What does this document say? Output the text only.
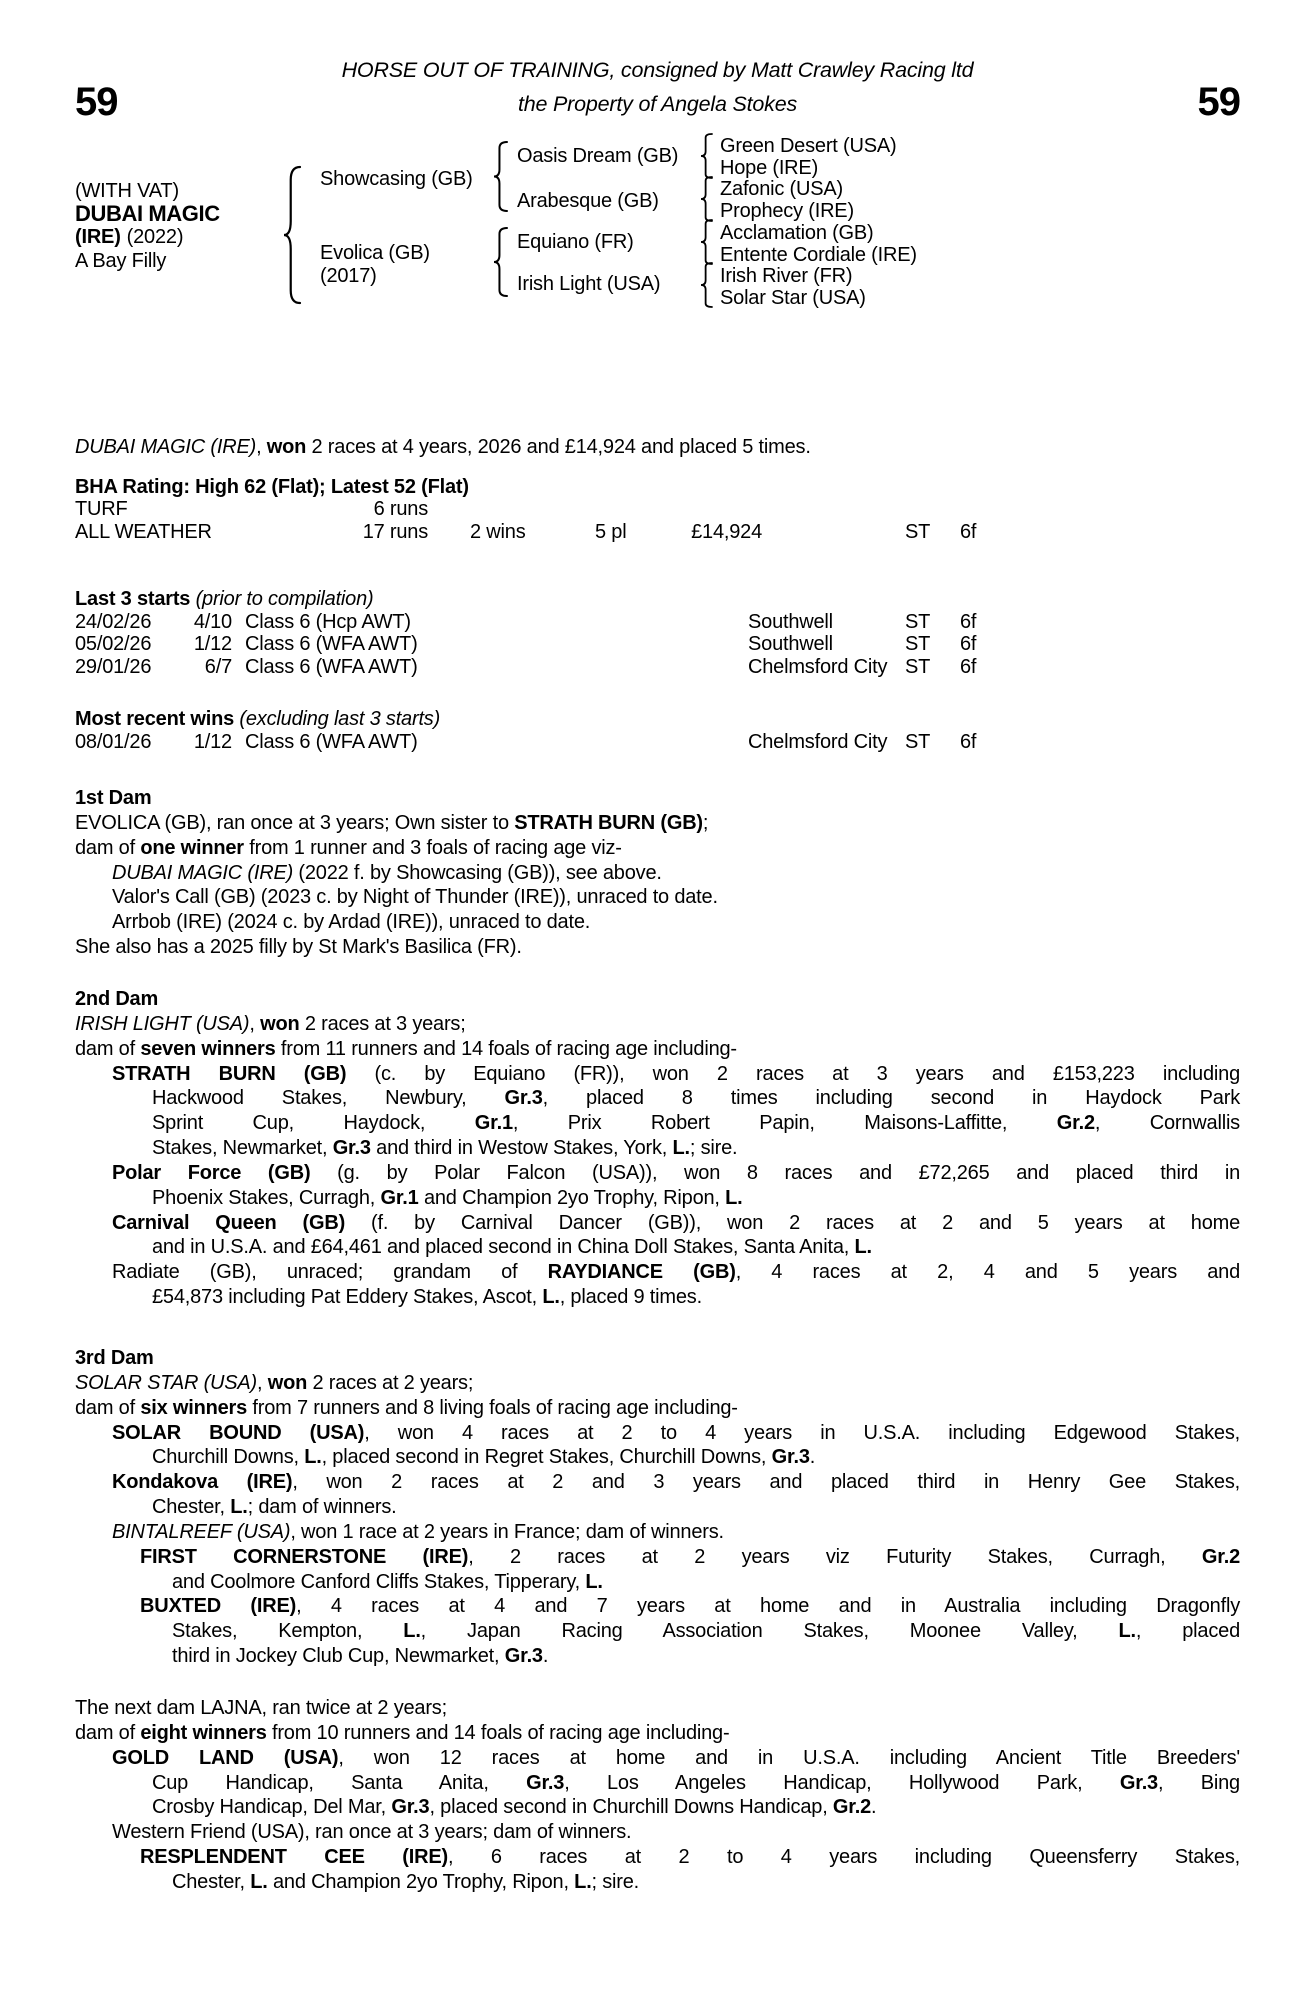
HORSE OUT OF TRAINING, consigned by Matt Crawley Racing ltd
the Property of Angela Stokes
59	59
(WITH VAT)
DUBAI MAGIC
(IRE) (2022)
A Bay Filly
Showcasing (GB)
Evolica (GB)
(2017)
Oasis Dream (GB)
Arabesque (GB)
Equiano (FR)
Irish Light (USA)
Green Desert (USA)
Hope (IRE)
Zafonic (USA)
Prophecy (IRE)
Acclamation (GB)
Entente Cordiale (IRE)
Irish River (FR)
Solar Star (USA)
DUBAI MAGIC (IRE), won 2 races at 4 years, 2026 and £14,924 and placed 5 times.
BHA Rating: High 62 (Flat); Latest 52 (Flat)
TURF	6 runs
ALL WEATHER	17 runs 2 wins	5 pl	£14,924	ST 6f
Last 3 starts (prior to compilation)
24/02/26 4/10 Class 6 (Hcp AWT)	Southwell	ST 6f
05/02/26 1/12 Class 6 (WFA AWT)	Southwell	ST 6f
29/01/26	6/7 Class 6 (WFA AWT)	Chelmsford City ST 6f
Most recent wins (excluding last 3 starts)
08/01/26 1/12 Class 6 (WFA AWT)	Chelmsford City ST 6f
1st Dam
EVOLICA (GB), ran once at 3 years; Own sister to STRATH BURN (GB);
dam of one winner from 1 runner and 3 foals of racing age viz-
DUBAI MAGIC (IRE) (2022 f. by Showcasing (GB)), see above.
Valor's Call (GB) (2023 c. by Night of Thunder (IRE)), unraced to date.
Arrbob (IRE) (2024 c. by Ardad (IRE)), unraced to date.
She also has a 2025 filly by St Mark's Basilica (FR).
2nd Dam
IRISH LIGHT (USA), won 2 races at 3 years;
dam of seven winners from 11 runners and 14 foals of racing age including-
STRATH BURN (GB) (c. by Equiano (FR)), won 2 races at 3 years and £153,223 including
Hackwood Stakes, Newbury, Gr.3, placed 8 times including second in Haydock Park
Sprint Cup, Haydock, Gr.1, Prix Robert Papin, Maisons-Laffitte, Gr.2, Cornwallis
Stakes, Newmarket, Gr.3 and third in Westow Stakes, York, L.; sire.
Polar Force (GB) (g. by Polar Falcon (USA)), won 8 races and £72,265 and placed third in
Phoenix Stakes, Curragh, Gr.1 and Champion 2yo Trophy, Ripon, L.
Carnival Queen (GB) (f. by Carnival Dancer (GB)), won 2 races at 2 and 5 years at home
and in U.S.A. and £64,461 and placed second in China Doll Stakes, Santa Anita, L.
Radiate (GB), unraced; grandam of RAYDIANCE (GB), 4 races at 2, 4 and 5 years and
£54,873 including Pat Eddery Stakes, Ascot, L., placed 9 times.
3rd Dam
SOLAR STAR (USA), won 2 races at 2 years;
dam of six winners from 7 runners and 8 living foals of racing age including-
SOLAR BOUND (USA), won 4 races at 2 to 4 years in U.S.A. including Edgewood Stakes,
Churchill Downs, L., placed second in Regret Stakes, Churchill Downs, Gr.3.
Kondakova (IRE), won 2 races at 2 and 3 years and placed third in Henry Gee Stakes,
Chester, L.; dam of winners.
BINTALREEF (USA), won 1 race at 2 years in France; dam of winners.
FIRST CORNERSTONE (IRE), 2 races at 2 years viz Futurity Stakes, Curragh, Gr.2
and Coolmore Canford Cliffs Stakes, Tipperary, L.
BUXTED (IRE), 4 races at 4 and 7 years at home and in Australia including Dragonfly
Stakes, Kempton, L., Japan Racing Association Stakes, Moonee Valley, L., placed
third in Jockey Club Cup, Newmarket, Gr.3.
The next dam LAJNA, ran twice at 2 years;
dam of eight winners from 10 runners and 14 foals of racing age including-
GOLD LAND (USA), won 12 races at home and in U.S.A. including Ancient Title Breeders'
Cup Handicap, Santa Anita, Gr.3, Los Angeles Handicap, Hollywood Park, Gr.3, Bing
Crosby Handicap, Del Mar, Gr.3, placed second in Churchill Downs Handicap, Gr.2.
Western Friend (USA), ran once at 3 years; dam of winners.
RESPLENDENT CEE (IRE), 6 races at 2 to 4 years including Queensferry Stakes,
Chester, L. and Champion 2yo Trophy, Ripon, L.; sire.
